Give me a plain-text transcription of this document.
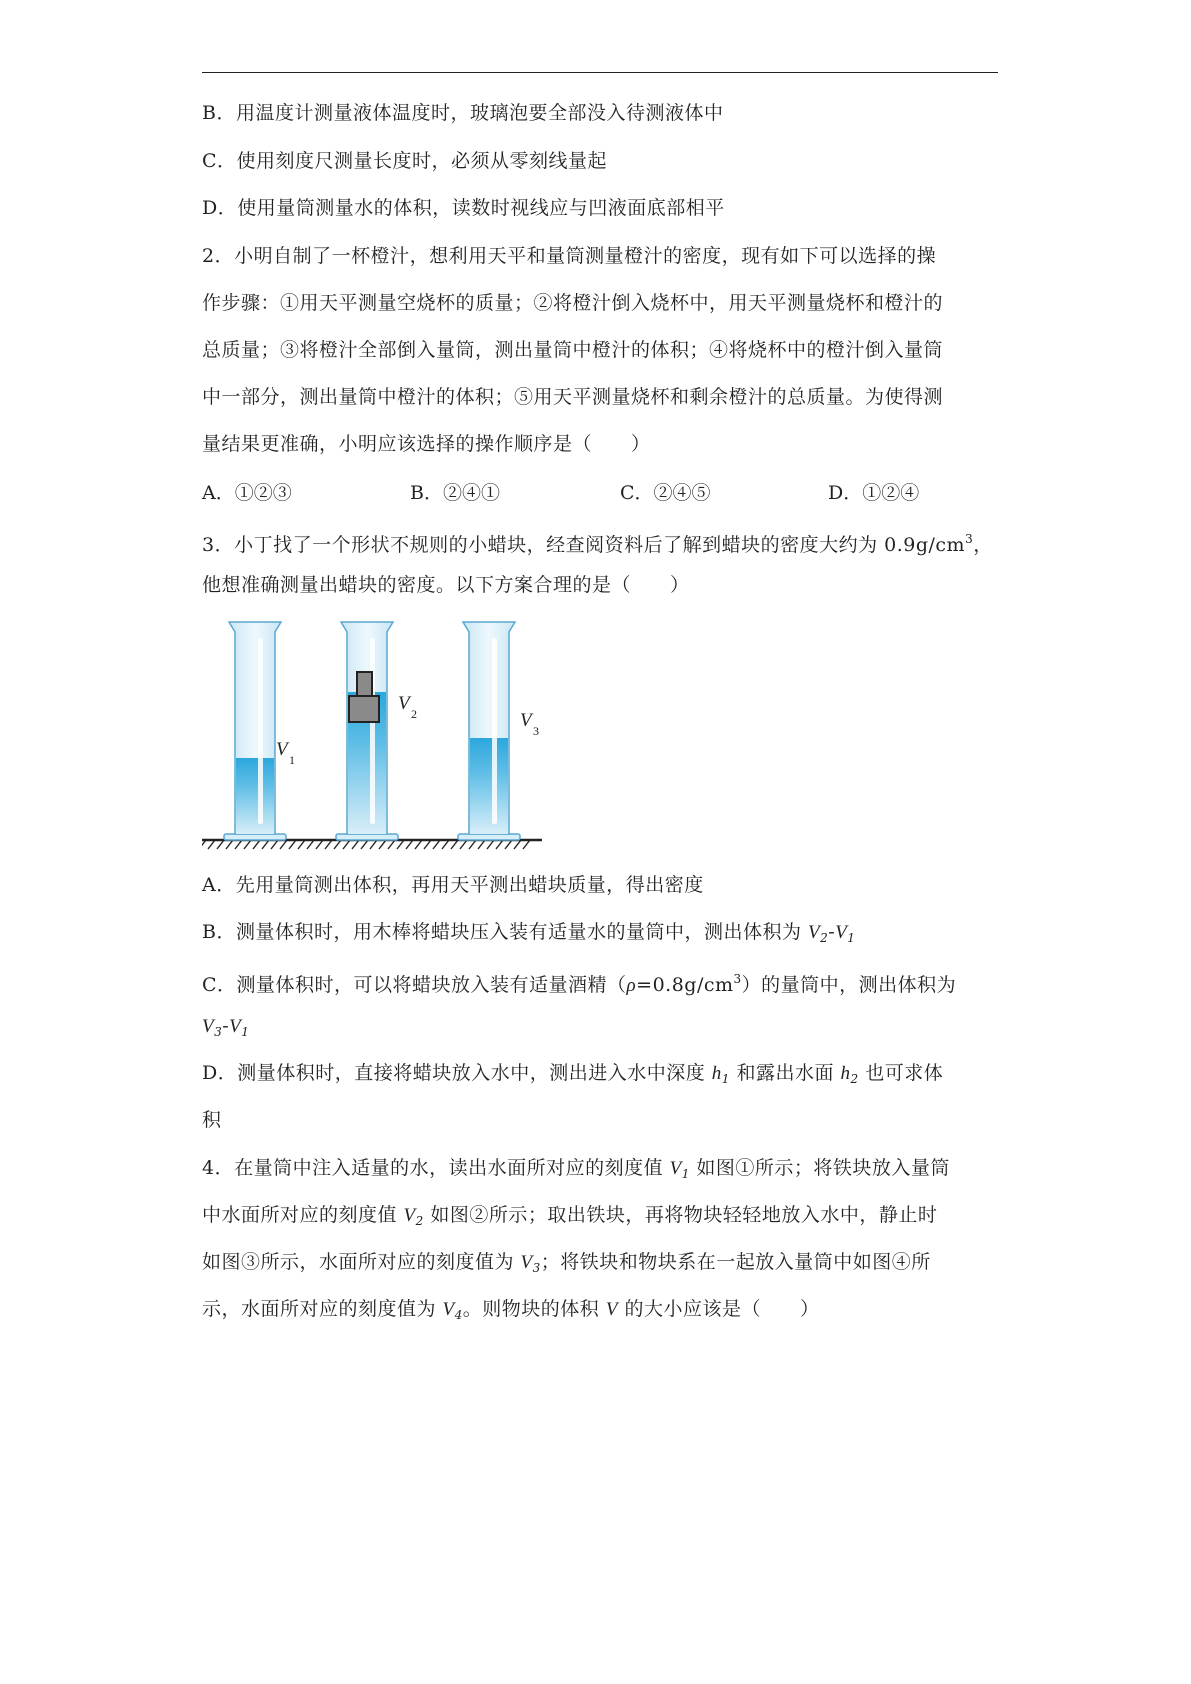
B．用温度计测量液体温度时，玻璃泡要全部没入待测液体中
C．使用刻度尺测量长度时，必须从零刻线量起
D．使用量筒测量水的体积，读数时视线应与凹液面底部相平
2．小明自制了一杯橙汁，想利用天平和量筒测量橙汁的密度，现有如下可以选择的操
作步骤：①用天平测量空烧杯的质量；②将橙汁倒入烧杯中，用天平测量烧杯和橙汁的
总质量；③将橙汁全部倒入量筒，测出量筒中橙汁的体积；④将烧杯中的橙汁倒入量筒
中一部分，测出量筒中橙汁的体积；⑤用天平测量烧杯和剩余橙汁的总质量。为使得测
量结果更准确，小明应该选择的操作顺序是（　　）
A．①②③	B．②④①	C．②④⑤	D．①②④
3．小丁找了一个形状不规则的小蜡块，经查阅资料后了解到蜡块的密度大约为 $0.9g/cm^3$，
他想准确测量出蜡块的密度。以下方案合理的是（　　）
V 1
V 2	V 3
A．先用量筒测出体积，再用天平测出蜡块质量，得出密度
B．测量体积时，用木棒将蜡块压入装有适量水的量筒中，测出体积为 $V_2-V_1$
C．测量体积时，可以将蜡块放入装有适量酒精$(\rho=0.8g/cm^3)$的量筒中，测出体积为
$V_3-V_1$
D．测量体积时，直接将蜡块放入水中，测出进入水中深度 $h_1$ 和露出水面 $h_2$ 也可求体
积
4．在量筒中注入适量的水，读出水面所对应的刻度值 $V_1$ 如图①所示；将铁块放入量筒
中水面所对应的刻度值 $V_2$ 如图②所示；取出铁块，再将物块轻轻地放入水中，静止时
如图③所示，水面所对应的刻度值为 $V_3$；将铁块和物块系在一起放入量筒中如图④所
示，水面所对应的刻度值为 $V_4$。则物块的体积 V 的大小应该是（　　）
